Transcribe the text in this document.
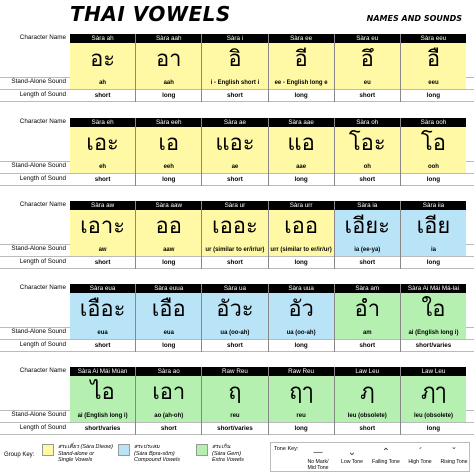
THAI VOWELS	NAMES AND SOUNDS
Character Name
Stand-Alone Sound
Length of Sound
Sàra ah
อะ
ah
short
Sàra aah
อา
aah
long
Sàra i
อิ
i - English short i
short
Sàra ee
อี
ee - English long e
long
Sàra eu
อึ
eu
short
Sàra eeu
อื
eeu
long
Character Name
Stand-Alone Sound
Length of Sound
Sàra eh
เอะ
eh
short
Sàra eeh
เอ
eeh
long
Sàra ae
แอะ
ae
short
Sàra aae
แอ
aae
long
Sàra oh
โอะ
oh
short
Sàra ooh
โอ
ooh
long
Character Name
Stand-Alone Sound
Length of Sound
Sàra aw
เอาะ
aw
short
Sàra aaw
ออ
aaw
long
Sàra ur
เออะ
ur (similar to er/ir/ur)
short
Sàra urr
เออ
urr (similar to er/ir/ur)
long
Sàra ia
เอียะ
ia (ee-ya)
short
Sàra iia
เอีย
ia
long
Character Name
Stand-Alone Sound
Length of Sound
Sàra eua
เอือะ
eua
short
Sàra euua
เอือ
eua
long
Sàra ua
อัวะ
ua (oo-ah)
short
Sàra uua
อัว
ua (oo-ah)
long
Sàra am
อำ
am
short
Sàra Ai Mái Má-lai
ใอ
ai (English long i)
short/varies
Character Name
Stand-Alone Sound
Length of Sound
Sàra Ai Mái Múan
ไอ
ai (English long i)
short/varies
Sàra ao
เอา
ao (ah-oh)
short
Raw Reu
ฤ
reu
short/varies
Raw Reu
ฤๅ
reu
long
Law Leu
ฦ
leu (obsolete)
short
Law Leu
ฦๅ
leu (obsolete)
long
Group Key:
สระเดี่ยว (Sàra Dìeow)
Stand-alone or
Single Vowels
สระประสม
(Sàra Bpra-sŏm)
Compound Vowels
สระเกิน
(Sàra Gern)
Extra Vowels
Tone Key:	—
No Mark/
Mid Tone
⌄
Low Tone
⌃
Falling Tone
ˊ
High Tone
ˇ
Rising Tone
